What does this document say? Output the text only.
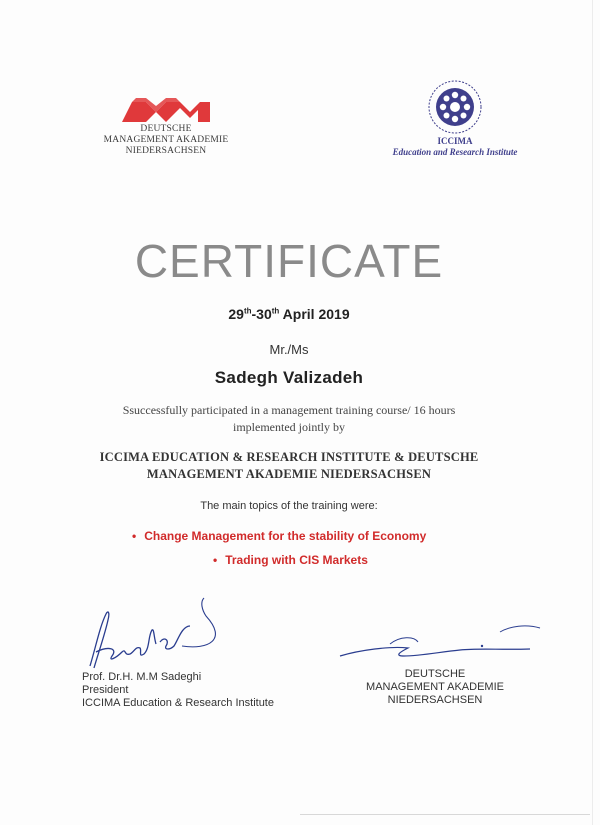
DEUTSCHE
MANAGEMENT AKADEMIE
NIEDERSACHSEN
ICCIMA
Education and Research Institute
CERTIFICATE
29th-30th April 2019
Mr./Ms
Sadegh Valizadeh
Ssuccessfully participated in a management training course/ 16 hours
implemented jointly by
ICCIMA EDUCATION & RESEARCH INSTITUTE & DEUTSCHE
MANAGEMENT AKADEMIE NIEDERSACHSEN
The main topics of the training were:
• Change Management for the stability of Economy
• Trading with CIS Markets
Prof. Dr.H. M.M Sadeghi
President
ICCIMA Education & Research Institute
DEUTSCHE
MANAGEMENT AKADEMIE
NIEDERSACHSEN
